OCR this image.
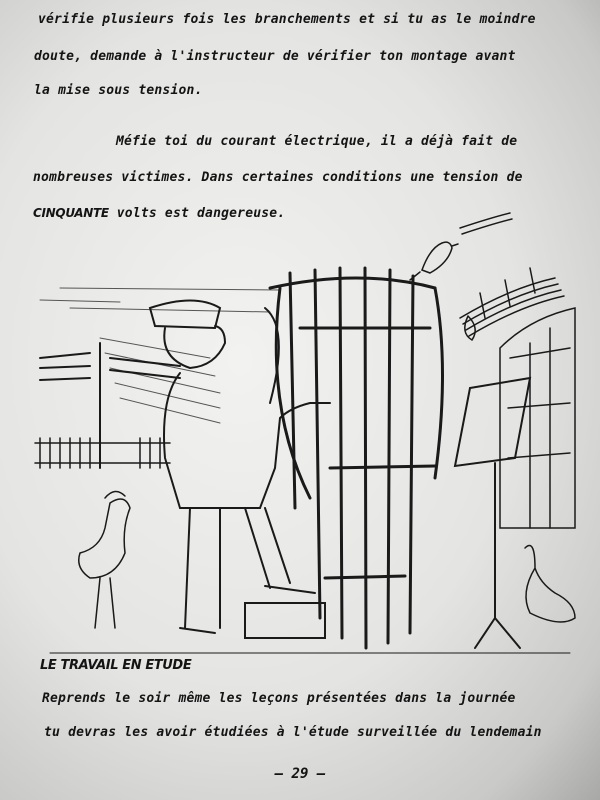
vérifie plusieurs fois les branchements et si tu as le moindre
doute, demande à l'instructeur de vérifier ton montage avant
la mise sous tension.
Méfie toi du courant électrique, il a déjà fait de
nombreuses victimes. Dans certaines conditions une tension de
CINQUANTE volts est dangereuse.
LE TRAVAIL EN ETUDE
Reprends le soir même les leçons présentées dans la journée
tu devras les avoir étudiées à l'étude surveillée du lendemain
— 29 —
